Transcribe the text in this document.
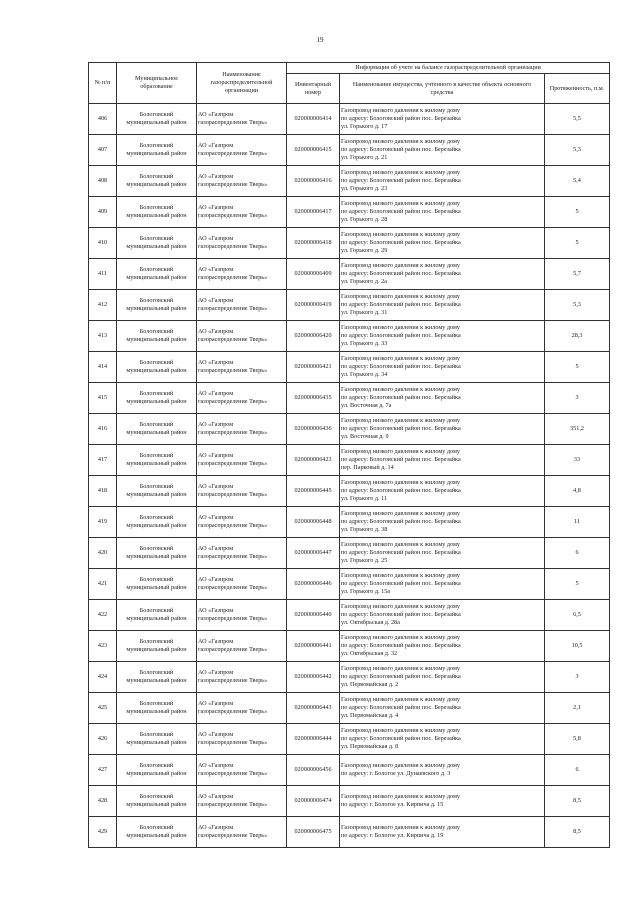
19
№ п/п	Муниципальное образование	Наименование газораспределительной организации	Информация об учете на балансе газораспределительной организации		
			Инвентарный номер	Наименование имущества, учтенного в качестве объекта основного средства	Протяженность, п.м.
406	Бологовский
муниципальный район	АО «Газпром
газораспределение Тверь»	020000006414	Газопровод низкого давления к жилому дому
по адресу: Бологовский район пос. Березайка
ул. Горького д. 17	5,5
407	Бологовский
муниципальный район	АО «Газпром
газораспределение Тверь»	020000006415	Газопровод низкого давления к жилому дому
по адресу: Бологовский район пос. Березайка
ул. Горького д. 21	5,3
408	Бологовский
муниципальный район	АО «Газпром
газораспределение Тверь»	020000006416	Газопровод низкого давления к жилому дому
по адресу: Бологовский район пос. Березайка
ул. Горького д. 23	5,4
409	Бологовский
муниципальный район	АО «Газпром
газораспределение Тверь»	020000006417	Газопровод низкого давления к жилому дому
по адресу: Бологовский район пос. Березайка
ул. Горького д. 28	5
410	Бологовский
муниципальный район	АО «Газпром
газораспределение Тверь»	020000006418	Газопровод низкого давления к жилому дому
по адресу: Бологовский район пос. Березайка
ул. Горького д. 29	5
411	Бологовский
муниципальный район	АО «Газпром
газораспределение Тверь»	020000006409	Газопровод низкого давления к жилому дому
по адресу: Бологовский район пос. Березайка
ул. Горького д. 2а	5,7
412	Бологовский
муниципальный район	АО «Газпром
газораспределение Тверь»	020000006419	Газопровод низкого давления к жилому дому
по адресу: Бологовский район пос. Березайка
ул. Горького д. 31	5,3
413	Бологовский
муниципальный район	АО «Газпром
газораспределение Тверь»	020000006420	Газопровод низкого давления к жилому дому
по адресу: Бологовский район пос. Березайка
ул. Горького д. 33	28,3
414	Бологовский
муниципальный район	АО «Газпром
газораспределение Тверь»	020000006421	Газопровод низкого давления к жилому дому
по адресу: Бологовский район пос. Березайка
ул. Горького д. 34	5
415	Бологовский
муниципальный район	АО «Газпром
газораспределение Тверь»	020000006435	Газопровод низкого давления к жилому дому
по адресу: Бологовский район пос. Березайка
ул. Восточная д. 7а	3
416	Бологовский
муниципальный район	АО «Газпром
газораспределение Тверь»	020000006436	Газопровод низкого давления к жилому дому
по адресу: Бологовский район пос. Березайка
ул. Восточная д. 9	351,2
417	Бологовский
муниципальный район	АО «Газпром
газораспределение Тверь»	020000006423	Газопровод низкого давления к жилому дому
по адресу: Бологовский район пос. Березайка
пер. Парковый д. 14	33
418	Бологовский
муниципальный район	АО «Газпром
газораспределение Тверь»	020000006445	Газопровод низкого давления к жилому дому
по адресу: Бологовский район пос. Березайка
ул. Горького д. 11	4,8
419	Бологовский
муниципальный район	АО «Газпром
газораспределение Тверь»	020000006448	Газопровод низкого давления к жилому дому
по адресу: Бологовский район пос. Березайка
ул. Горького д. 38	11
420	Бологовский
муниципальный район	АО «Газпром
газораспределение Тверь»	020000006447	Газопровод низкого давления к жилому дому
по адресу: Бологовский район пос. Березайка
ул. Горького д. 25	6
421	Бологовский
муниципальный район	АО «Газпром
газораспределение Тверь»	020000006446	Газопровод низкого давления к жилому дому
по адресу: Бологовский район пос. Березайка
ул. Горького д. 15а	5
422	Бологовский
муниципальный район	АО «Газпром
газораспределение Тверь»	020000006440	Газопровод низкого давления к жилому дому
по адресу: Бологовский район пос. Березайка
ул. Октябрьская д. 28а	6,5
423	Бологовский
муниципальный район	АО «Газпром
газораспределение Тверь»	020000006441	Газопровод низкого давления к жилому дому
по адресу: Бологовский район пос. Березайка
ул. Октябрьская д. 32	10,5
424	Бологовский
муниципальный район	АО «Газпром
газораспределение Тверь»	020000006442	Газопровод низкого давления к жилому дому
по адресу: Бологовский район пос. Березайка
ул. Первомайская д. 2	3
425	Бологовский
муниципальный район	АО «Газпром
газораспределение Тверь»	020000006443	Газопровод низкого давления к жилому дому
по адресу: Бологовский район пос. Березайка
ул. Первомайская д. 4	2,1
426	Бологовский
муниципальный район	АО «Газпром
газораспределение Тверь»	020000006444	Газопровод низкого давления к жилому дому
по адресу: Бологовский район пос. Березайка
ул. Первомайская д. 8	5,8
427	Бологовский
муниципальный район	АО «Газпром
газораспределение Тверь»	020000006456	Газопровод низкого давления к жилому дому
по адресу: г. Бологое ул. Дунаевского д. 3	6
428	Бологовский
муниципальный район	АО «Газпром
газораспределение Тверь»	020000006474	Газопровод низкого давления к жилому дому
по адресу: г. Бологое ул. Кирпича д. 15	8,5
429	Бологовский
муниципальный район	АО «Газпром
газораспределение Тверь»	020000006475	Газопровод низкого давления к жилому дому
по адресу: г. Бологое ул. Кирпича д. 19	8,5
